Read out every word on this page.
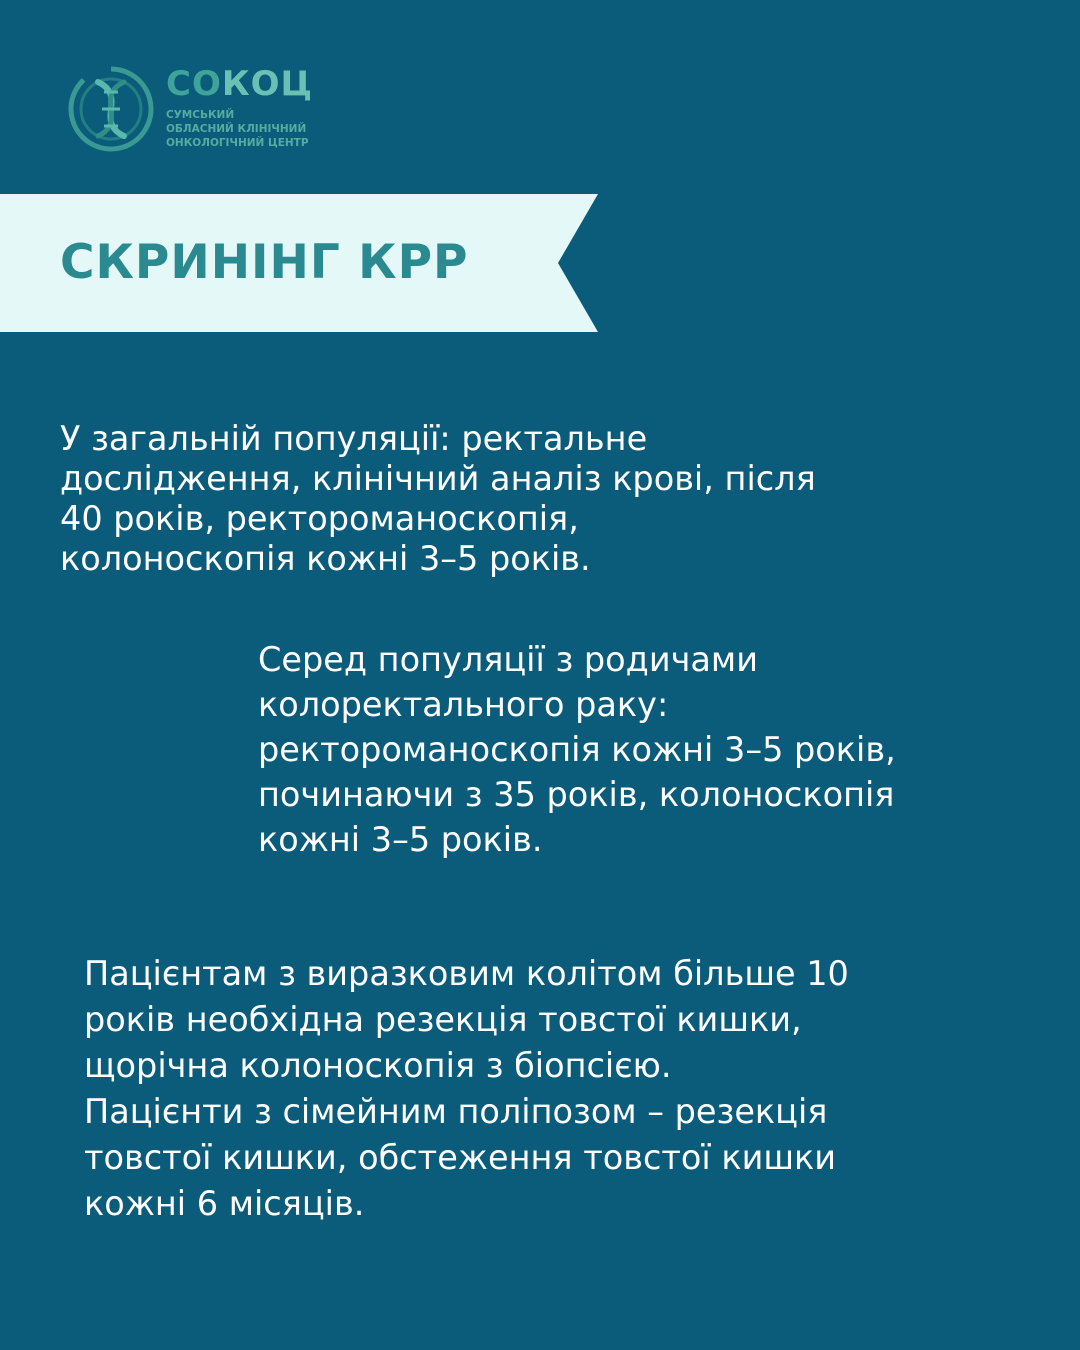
СОКОЦ
СУМСЬКИЙ
ОБЛАСНИЙ КЛІНІЧНИЙ
ОНКОЛОГІЧНИЙ ЦЕНТР
СКРИНІНГ КРР
У загальній популяції: ректальне
дослідження, клінічний аналіз крові, після
40 років, ректороманоскопія,
колоноскопія кожні 3–5 років.
Серед популяції з родичами
колоректального раку:
ректороманоскопія кожні 3–5 років,
починаючи з 35 років, колоноскопія
кожні 3–5 років.
Пацієнтам з виразковим колітом більше 10
років необхідна резекція товстої кишки,
щорічна колоноскопія з біопсією.
Пацієнти з сімейним поліпозом – резекція
товстої кишки, обстеження товстої кишки
кожні 6 місяців.
